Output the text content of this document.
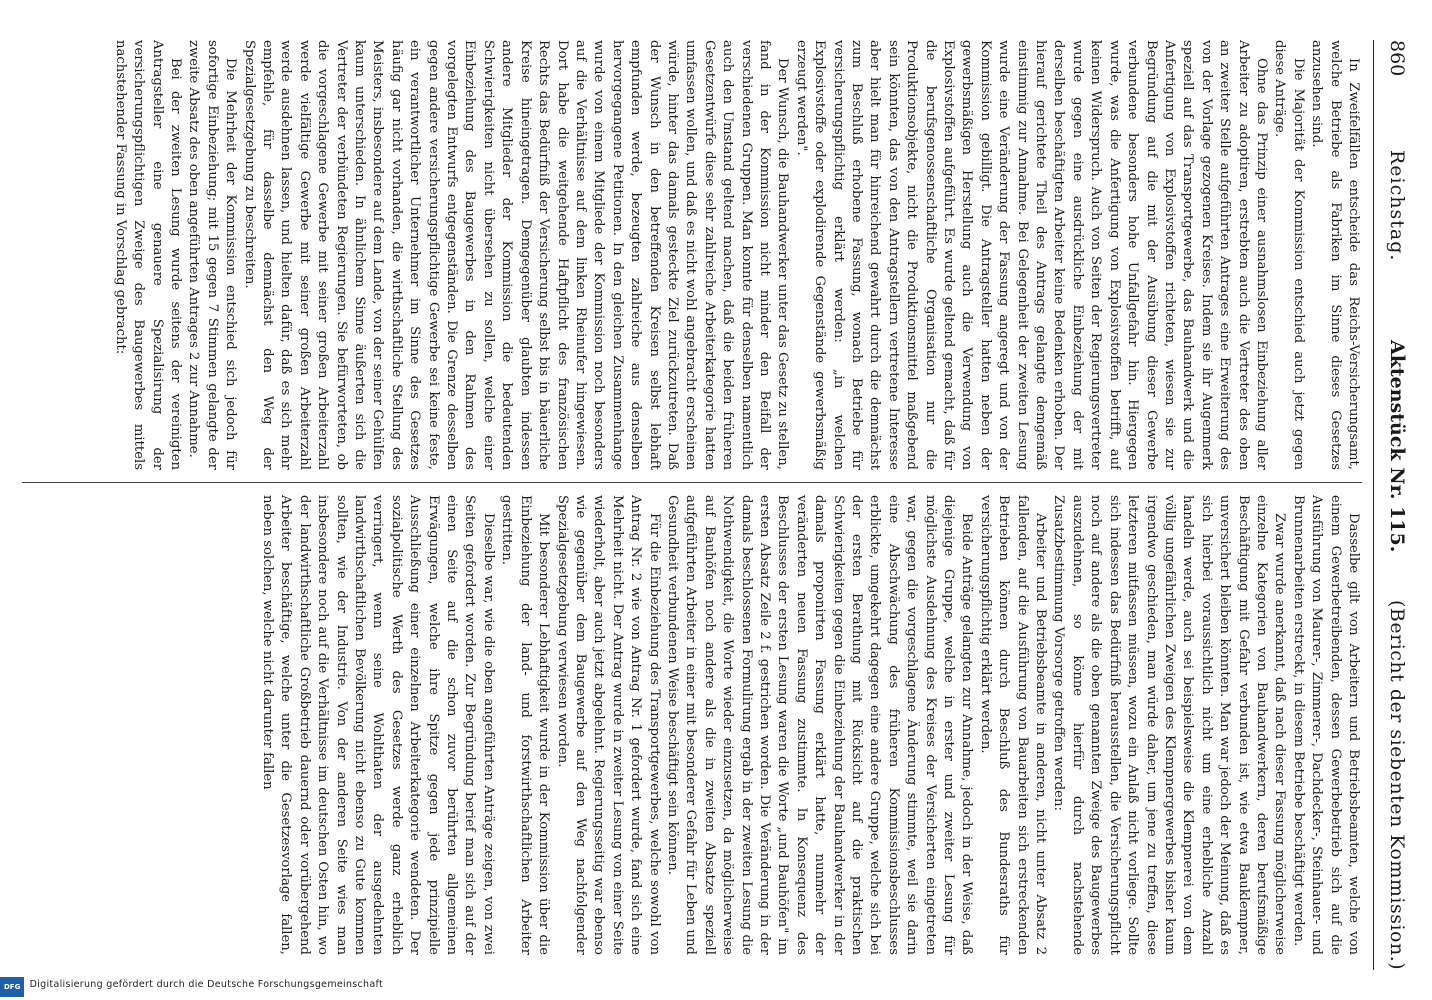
860
Reichstag.
Aktenstück Nr. 115.
(Bericht der siebenten Kommission.)

In Zweifelfällen entscheide das Reichs-Versicherungsamt, welche Betriebe als Fabriken im Sinne dieses Gesetzes anzusehen sind.

Die Majorität der Kommission entschied auch jetzt gegen diese Anträge.

Ohne das Prinzip einer ausnahmslosen Einbeziehung aller Arbeiter zu adoptiren, erstrebten auch die Vertreter des oben an zweiter Stelle aufgeführten Antrages eine Erweiterung des von der Vorlage gezogenen Kreises. Indem sie ihr Augenmerk speziell auf das Transportgewerbe, das Bauhandwerk und die Anfertigung von Explosivstoffen richteten, wiesen sie zur Begründung auf die mit der Ausübung dieser Gewerbe verbundene besonders hohe Unfallgefahr hin. Hiergegen wurde, was die Anfertigung von Explosivstoffen betrifft, auf keinen Widerspruch. Auch von Seiten der Regierungsvertreter wurde gegen eine ausdrückliche Einbeziehung der mit derselben beschäftigten Arbeiter keine Bedenken erhoben. Der hierauf gerichtete Theil des Antrags gelangte demgemäß einstimmig zur Annahme. Bei Gelegenheit der zweiten Lesung wurde eine Veränderung der Fassung angeregt und von der Kommission gebilligt. Die Antragsteller hatten neben der gewerbsmäßigen Herstellung auch die Verwendung von Explosivstoffen aufgeführt. Es wurde geltend gemacht, daß für die berufsgenossenschaftliche Organisation nur die Produktionsobjekte, nicht die Produktionsmittel maßgebend sein könnten, das von den Antragstellern vertretene Interesse aber hielt man für hinreichend gewahrt durch die demnächst zum Beschluß erhobene Fassung, wonach Betriebe für versicherungspflichtig erklärt werden: „in welchen Explosivstoffe oder explodirende Gegenstände gewerbsmäßig erzeugt werden".

Der Wunsch, die Bauhandwerker unter das Gesetz zu stellen, fand in der Kommission nicht minder den Beifall der verschiedenen Gruppen. Man konnte für denselben namentlich auch den Umstand geltend machen, daß die beiden früheren Gesetzentwürfe diese sehr zahlreiche Arbeiterkategorie hatten umfassen wollen, und daß es nicht wohl angebracht erscheinen würde, hinter das damals gesteckte Ziel zurückzutreten. Daß der Wunsch in den betreffenden Kreisen selbst lebhaft empfunden werde, bezeugten zahlreiche aus denselben hervorgegangene Petitionen. In den gleichen Zusammenhange wurde von einem Mitgliede der Kommission noch besonders auf die Verhältnisse auf dem linken Rheinufer hingewiesen. Dort habe die weitgehende Haftpflicht des französischen Rechts das Bedürfniß der Versicherung selbst bis in bäuerliche Kreise hineingetragen. Demgegenüber glaubten indessen andere Mitglieder der Kommission die bedeutenden Schwierigkeiten nicht übersehen zu sollen, welche einer Einbeziehung des Baugewerbes in den Rahmen des vorgelegten Entwurfs entgegenständen. Die Grenze desselben gegen andere versicherungspflichtige Gewerbe sei keine feste, ein verantwortlicher Unternehmer im Sinne des Gesetzes häufig gar nicht vorhanden, die wirthschaftliche Stellung des Meisters, insbesondere auf dem Lande, von der seiner Gehülfen kaum unterschieden. In ähnlichem Sinne äußerten sich die Vertreter der verbündeten Regierungen. Sie befürworteten, ob die vorgeschlagene Gewerbe mit seiner großen Arbeiterzahl werde vielfältige Gewerbe mit seiner großen Arbeiterzahl werde ausdehnen lassen, und hielten dafür, daß es sich mehr empfehle, für dasselbe demnächst den Weg der Spezialgesetzgebung zu beschreiten.

Die Mehrheit der Kommission entschied sich jedoch für sofortige Einbeziehung; mit 15 gegen 7 Stimmen gelangte der zweite Absatz des oben angeführten Antrages 2 zur Annahme.

Bei der zweiten Lesung wurde seitens der vereinigten Antragsteller eine genauere Spezialisirung der versicherungspflichtigen Zweige des Baugewerbes mittels nachstehender Fassung in Vorschlag gebracht:

Dasselbe gilt von Arbeitern und Betriebsbeamten, welche von einem Gewerbetreibenden, dessen Gewerbebetrieb sich auf die Ausführung von Maurer-, Zimmerer-, Dachdecker-, Steinhauer- und Brunnenarbeiten erstreckt, in diesem Betriebe beschäftigt werden.

Zwar wurde anerkannt, daß nach dieser Fassung möglicherweise einzelne Kategorien von Bauhandwerkern, deren berufsmäßige Beschäftigung mit Gefahr verbunden ist, wie etwa Bauklempner, unversichert bleiben könnten. Man war jedoch der Meinung, daß es sich hierbei voraussichtlich nicht um eine erhebliche Anzahl handeln werde, auch sei beispielsweise die Klempnerei von dem völlig ungefährlichen Zweigen des Klempnergewerbes bisher kaum irgendwo geschieden, man würde daher, um jene zu treffen, diese letzteren mitfassen müssen, wozu ein Anlaß nicht vorliege. Sollte sich indessen das Bedürfniß herausstellen, die Versicherungspflicht noch auf andere als die oben genannten Zweige des Baugewerbes auszudehnen, so könne hierfür durch nachstehende Zusatzbestimmung Vorsorge getroffen werden:

Arbeiter und Betriebsbeamte in anderen, nicht unter Absatz 2 fallenden, auf die Ausführung von Bauarbeiten sich erstreckenden Betrieben können durch Beschluß des Bundesraths für versicherungspflichtig erklärt werden.

Beide Anträge gelangten zur Annahme, jedoch in der Weise, daß diejenige Gruppe, welche in erster und zweiter Lesung für möglichste Ausdehnung des Kreises der Versicherten eingetreten war, gegen die vorgeschlagene Änderung stimmte, weil sie darin eine Abschwächung des früheren Kommissionsbeschlusses erblickte, umgekehrt dagegen eine andere Gruppe, welche sich bei der ersten Berathung mit Rücksicht auf die praktischen Schwierigkeiten gegen die Einbeziehung der Bauhandwerker in der damals proponirten Fassung erklärt hatte, nunmehr der veränderten neuen Fassung zustimmte. In Konsequenz des Beschlusses der ersten Lesung waren die Worte „und Bauhöfen" im ersten Absatz Zeile 2 f. gestrichen worden. Die Veränderung in der damals beschlossenen Formulirung ergab in der zweiten Lesung die Nothwendigkeit, die Worte wieder einzusetzen, da möglicherweise auf Bauhöfen noch andere als die in zweiten Absatze speziell aufgeführten Arbeiter in einer mit besonderer Gefahr für Leben und Gesundheit verbundenen Weise beschäftigt sein können.

Für die Einbeziehung des Transportgewerbes, welche sowohl von Antrag Nr. 2 wie von Antrag Nr. 1 gefordert wurde, fand sich eine Mehrheit nicht. Der Antrag wurde in zweiter Lesung von einer Seite wiederholt, aber auch jetzt abgelehnt. Regierungsseitig war ebenso wie gegenüber dem Baugewerbe auf den Weg nachfolgender Spezialgesetzgebung verwiesen worden.

Mit besonderer Lebhaftigkeit wurde in der Kommission über die Einbeziehung der land- und forstwirthschaftlichen Arbeiter gestritten.

Dieselbe war, wie die oben angeführten Anträge zeigen, von zwei Seiten gefordert worden. Zur Begründung berief man sich auf der einen Seite auf die schon zuvor berührten allgemeinen Erwägungen, welche ihre Spitze gegen jede prinzipielle Ausschließung einer einzelnen Arbeiterkategorie wendeten. Der sozialpolitische Werth des Gesetzes werde ganz erheblich verringert, wenn seine Wohlthaten der ausgedehnten landwirthschaftlichen Bevölkerung nicht ebenso zu Gute kommen sollten, wie der Industrie. Von der anderen Seite wies man insbesondere noch auf die Verhältnisse im deutschen Osten hin, wo der landwirthschaftliche Großbetrieb dauernd oder vorübergehend Arbeiter beschäftige, welche unter die Gesetzesvorlage fallen, neben solchen, welche nicht darunter fallen

Digitalisierung gefördert durch die Deutsche Forschungsgemeinschaft
DFG
